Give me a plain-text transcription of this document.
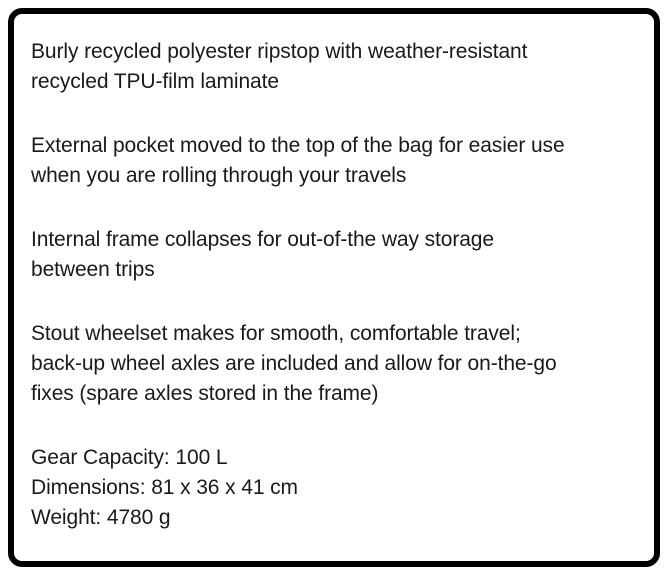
Burly recycled polyester ripstop with weather-resistant
recycled TPU-film laminate
External pocket moved to the top of the bag for easier use
when you are rolling through your travels
Internal frame collapses for out-of-the way storage
between trips
Stout wheelset makes for smooth, comfortable travel;
back-up wheel axles are included and allow for on-the-go
fixes (spare axles stored in the frame)
Gear Capacity: 100 L
Dimensions: 81 x 36 x 41 cm
Weight: 4780 g
